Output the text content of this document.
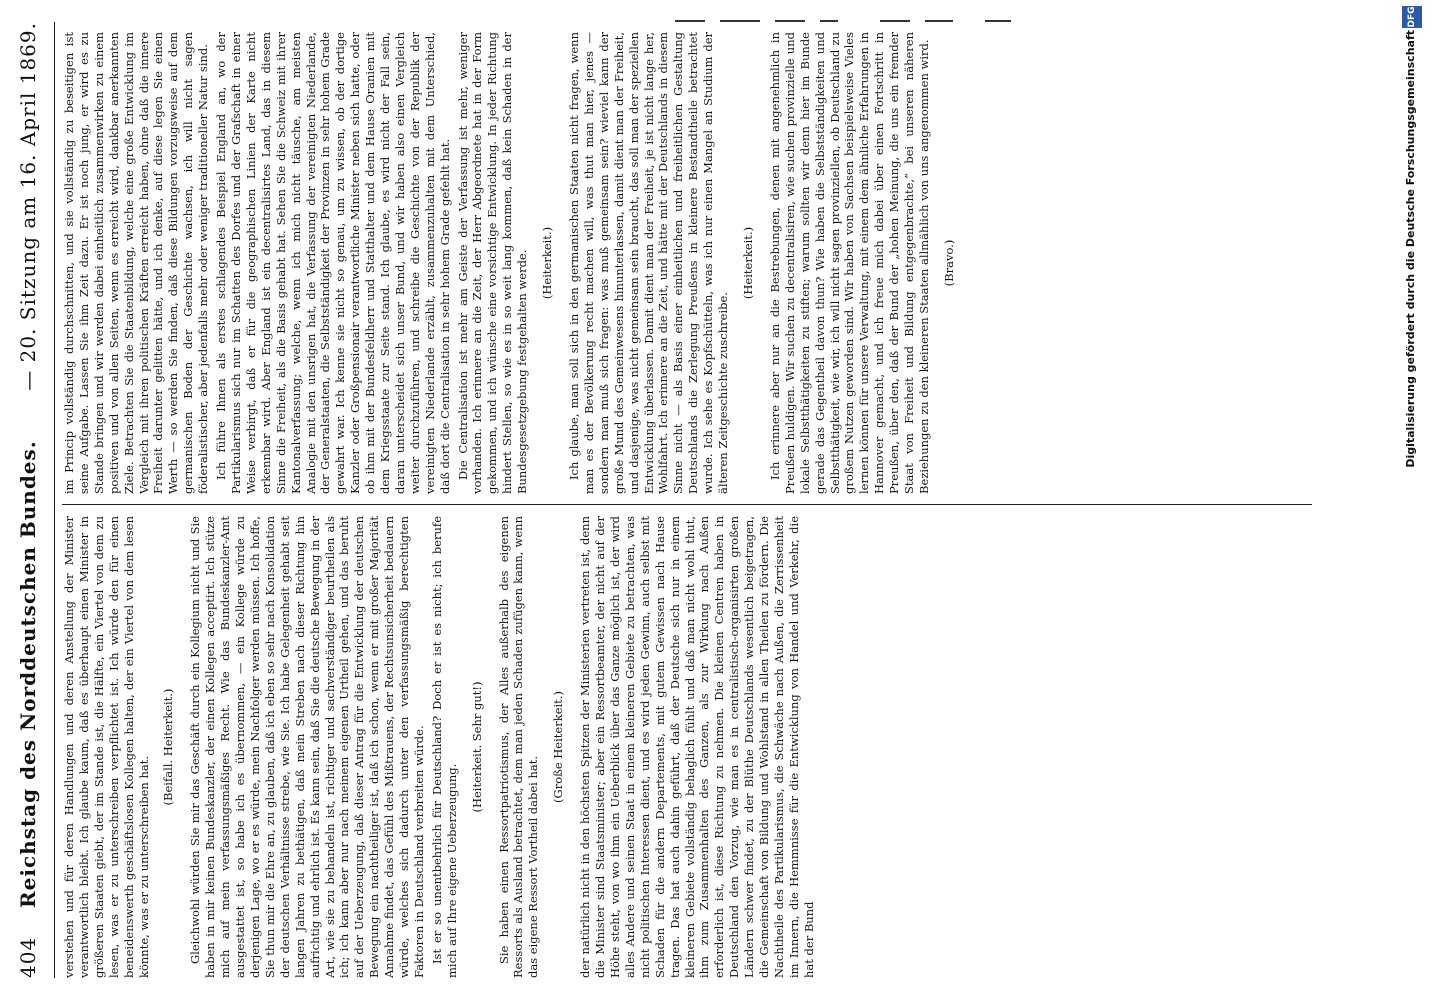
404
Reichstag des Norddeutschen Bundes.
— 20. Sitzung am 16. April 1869.

verstehen und für deren Handlungen und deren Anstellung der Minister verantwortlich bleibt. Ich glaube kaum, daß es überhaupt einen Minister in größeren Staaten giebt, der im Stande ist, die Hälfte, ein Viertel von dem zu lesen, was er zu unterschreiben verpflichtet ist. Ich würde den für einen beneidenswerth geschäftslosen Kollegen halten, der ein Viertel von dem lesen könnte, was er zu unterschreiben hat.

(Beifall. Heiterkeit.) Gleichwohl würden Sie mir das Geschäft durch ein Kollegium nicht und Sie haben in mir keinen Bundeskanzler, der einen Kollegen acceptirt. Ich stütze mich auf mein verfassungsmäßiges Recht. Wie das Bundeskanzler-Amt ausgestattet ist, so habe ich es übernommen, — ein Kollege würde zu derjenigen Lage, wo er es würde, mein Nachfolger werden müssen. Ich hoffe, Sie thun mir die Ehre an, zu glauben, daß ich eben so sehr nach Konsolidation der deutschen Verhältnisse strebe, wie Sie. Ich habe Gelegenheit gehabt seit langen Jahren zu bethätigen, daß mein Streben nach dieser Richtung hin aufrichtig und ehrlich ist. Es kann sein, daß Sie die deutsche Bewegung in der Art, wie sie zu behandeln ist, richtiger und sachverständiger beurtheilen als ich; ich kann aber nur nach meinem eigenen Urtheil gehen, und das beruht auf der Ueberzeugung, daß dieser Antrag für die Entwicklung der deutschen Bewegung ein nachtheiliger ist, daß ich schon, wenn er mit großer Majorität Annahme findet, das Gefühl des Mißtrauens, der Rechtsunsicherheit bedauern würde, welches sich dadurch unter den verfassungsmäßig berechtigten Faktoren in Deutschland verbreiten würde. Ist er so unentbehrlich für Deutschland? Doch er ist es nicht; ich berufe mich auf Ihre eigene Ueberzeugung.

(Heiterkeit. Sehr gut!) Sie haben einen Ressortpatriotismus, der Alles außerhalb des eigenen Ressorts als Ausland betrachtet, dem man jeden Schaden zufügen kann, wenn das eigene Ressort Vortheil dabei hat.

(Große Heiterkeit.) der natürlich nicht in den höchsten Spitzen der Ministerien vertreten ist, denn die Minister sind Staatsminister; aber ein Ressortbeamter, der nicht auf der Höhe steht, von wo ihm ein Ueberblick über das Ganze möglich ist, der wird alles Andere und seinen Staat in einem kleineren Gebiete zu betrachten, was nicht politischen Interessen dient, und es wird jeden Gewinn, auch selbst mit Schaden für die andern Departements, mit gutem Gewissen nach Hause tragen. Das hat auch dahin geführt, daß der Deutsche sich nur in einem kleineren Gebiete vollständig behaglich fühlt und daß man nicht wohl thut, ihm zum Zusammenhalten des Ganzen, als zur Wirkung nach Außen erforderlich ist, diese Richtung zu nehmen. Die kleinen Centren haben in Deutschland den Vorzug, wie man es in centralistisch-organisirten großen Ländern schwer findet, zu der Blüthe Deutschlands wesentlich beigetragen, die Gemeinschaft von Bildung und Wohlstand in allen Theilen zu fördern. Die Nachtheile des Partikularismus, die Schwäche nach Außen, die Zerrissenheit im Innern, die Hemmnisse für die Entwicklung von Handel und Verkehr, die hat der Bund

im Princip vollständig durchschnitten, und sie vollständig zu beseitigen ist seine Aufgabe. Lassen Sie ihm Zeit dazu. Er ist noch jung, er wird es zu Stande bringen und wir werden dabei einheitlich zusammenwirken zu einem positiven und von allen Seiten, wenn es erreicht wird, dankbar anerkannten Ziele. Betrachten Sie die Staatenbildung, welche eine große Entwicklung im Vergleich mit ihren politischen Kräften erreicht haben, ohne daß die innere Freiheit darunter gelitten hätte, und ich denke, auf diese legen Sie einen Werth — so werden Sie finden, daß diese Bildungen vorzugsweise auf dem germanischen Boden der Geschichte wachsen, ich will nicht sagen föderalistischer, aber jedenfalls mehr oder weniger traditioneller Natur sind. Ich führe Ihnen als erstes schlagendes Beispiel England an, wo der Partikularismus sich nur im Schatten des Dorfes und der Grafschaft in einer Weise verbirgt, daß er für die geographischen Linien der Karte nicht erkennbar wird. Aber England ist ein decentralisirtes Land, das in diesem Sinne die Freiheit, als die Basis gehabt hat. Sehen Sie die Schweiz mit ihrer Kantonalverfassung; welche, wenn ich mich nicht täusche, am meisten Analogie mit den unsrigen hat, die Verfassung der vereinigten Niederlande, der Generalstaaten, die Selbstständigkeit der Provinzen in sehr hohem Grade gewahrt war. Ich kenne sie nicht so genau, um zu wissen, ob der dortige Kanzler oder Großpensionair verantwortliche Minister neben sich hatte, oder ob ihm mit der Bundesfeldherr und Statthalter und dem Hause Oranien mit dem Kriegsstaate zur Seite stand. Ich glaube, es wird nicht der Fall sein, daran unterscheidet sich unser Bund, und wir haben also einen Vergleich weiter durchzuführen, und schreibe die Geschichte von der Republik der vereinigten Niederlande erzählt, zusammenzuhalten mit dem Unterschied, daß dort die Centralisation in sehr hohem Grade gefehlt hat. Die Centralisation ist mehr am Geiste der Verfassung ist mehr, weniger vorhanden. Ich erinnere an die Zeit, der Herr Abgeordnete hat in der Form gekommen, und ich wünsche eine vorsichtige Entwicklung. In jeder Richtung hindert Stellen, so wie es in so weit lang kommen, daß kein Schaden in der Bundesgesetzgebung festgehalten werde. (Heiterkeit.) Ich glaube, man soll sich in den germanischen Staaten nicht fragen, wenn man es der Bevölkerung recht machen will, was thut man hier, jenes — sondern man muß sich fragen: was muß gemeinsam sein? wieviel kann der große Mund des Gemeinwesens hinunterlassen, damit dient man der Freiheit, und dasjenige, was nicht gemeinsam sein braucht, das soll man der speziellen Entwicklung überlassen. Damit dient man der Freiheit, je ist nicht lange her, Wohlfahrt. Ich erinnere an die Zeit, und hätte mit der Deutschlands in diesem Sinne nicht — als Basis einer einheitlichen und freiheitlichen Gestaltung Deutschlands die Zerlegung Preußens in kleinere Bestandtheile betrachtet wurde. Ich sehe es Kopfschütteln, was ich nur einen Mangel an Studium der älteren Zeitgeschichte zuschreibe.

(Heiterkeit.) Ich erinnere aber nur an die Bestrebungen, denen mit angenehmlich in Preußen huldigen. Wir suchen zu decentralisiren, wie suchen provinzielle und lokale Selbstthätigkeiten zu stiften; warum sollten wir denn hier im Bunde gerade das Gegentheil davon thun? Wie haben die Selbstständigkeiten und Selbstthätigkeit, wie wir, ich will nicht sagen provinziellen, ob Deutschland zu großem Nutzen geworden sind. Wir haben von Sachsen beispielsweise Vieles lernen können für unsere Verwaltung, mit einem dem ähnliche Erfahrungen in Hannover gemacht, und ich freue mich dabei über einen Fortschritt in Preußen, über den, daß der Bund der „hohen Meinung, die uns ein fremder Staat von Freiheit und Bildung entgegenbrachte,“ bei unseren näheren Beziehungen zu den kleineren Staaten allmählich von uns angenommen wird. (Bravo.)	Digitalisierung gefördert durch die Deutsche Forschungsgemeinschaft
DFG
